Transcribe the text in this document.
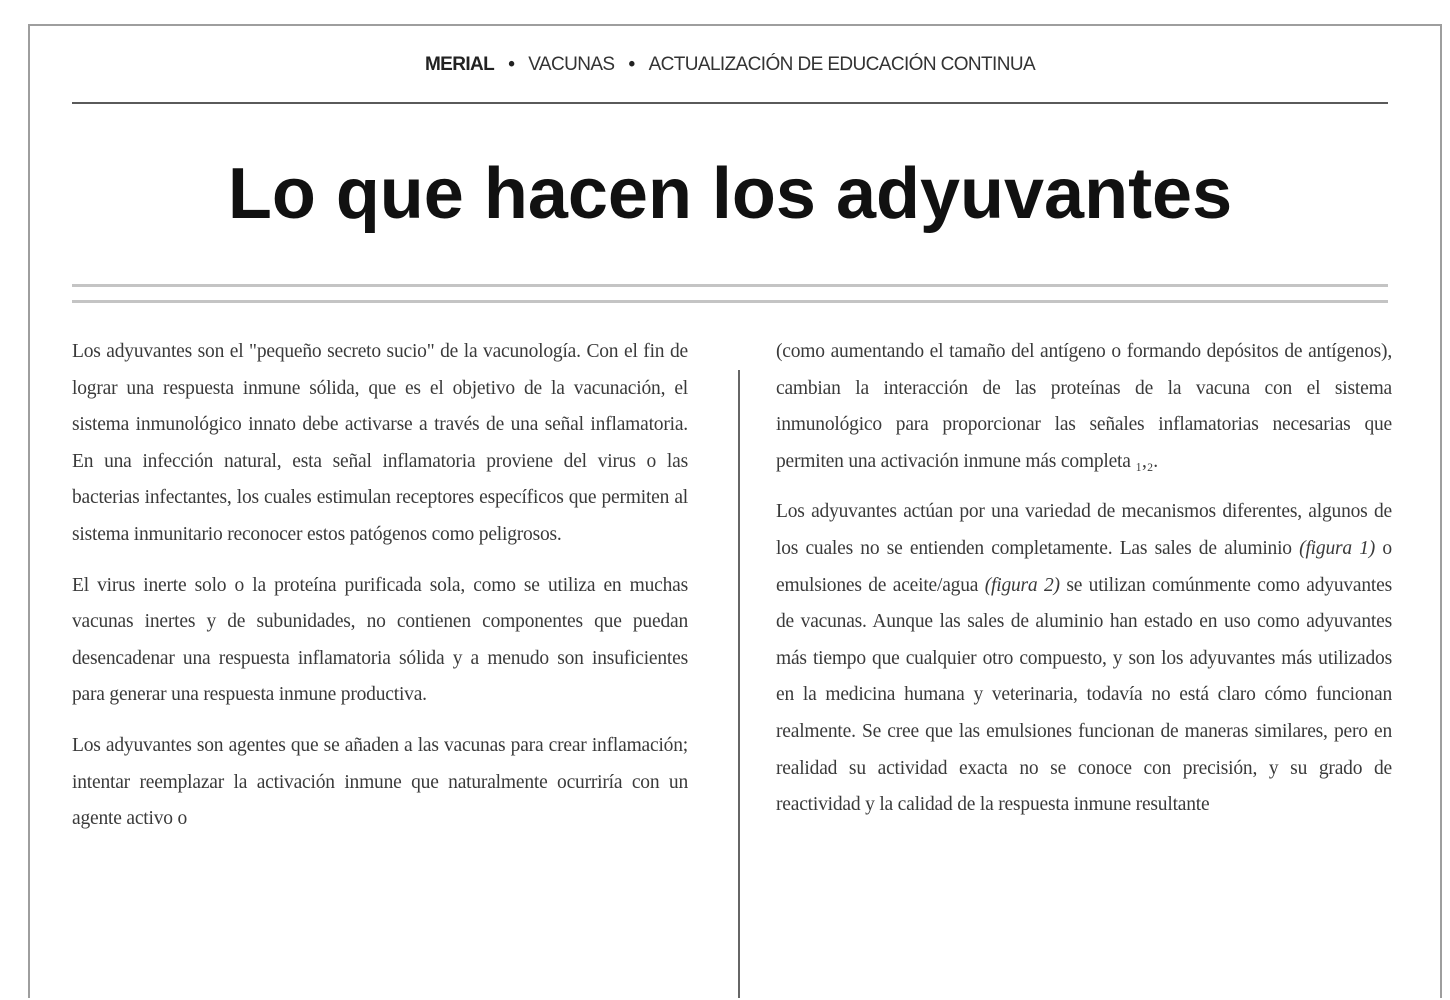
MERIAL • VACUNAS • ACTUALIZACIÓN DE EDUCACIÓN CONTINUA
Lo que hacen los adyuvantes

Los adyuvantes son el "pequeño secreto sucio" de la vacunología. Con el fin de lograr una respuesta inmune sólida, que es el objetivo de la vacunación, el sistema inmunológico innato debe activarse a través de una señal inflamatoria. En una infección natural, esta señal inflamatoria proviene del virus o las bacterias infectantes, los cuales estimulan receptores específicos que permiten al sistema inmunitario reconocer estos patógenos como peligrosos.

El virus inerte solo o la proteína purificada sola, como se utiliza en muchas vacunas inertes y de subunidades, no contienen componentes que puedan desencadenar una respuesta inflamatoria sólida y a menudo son insuficientes para generar una respuesta inmune productiva.

Los adyuvantes son agentes que se añaden a las vacunas para crear inflamación; intentar reemplazar la activación inmune que naturalmente ocurriría con un agente activo o

(como aumentando el tamaño del antígeno o formando depósitos de antígenos), cambian la interacción de las proteínas de la vacuna con el sistema inmunológico para proporcionar las señales inflamatorias necesarias que permiten una activación inmune más completa ₁,₂.

Los adyuvantes actúan por una variedad de mecanismos diferentes, algunos de los cuales no se entienden completamente. Las sales de aluminio (figura 1) o emulsiones de aceite/agua (figura 2) se utilizan comúnmente como adyuvantes de vacunas. Aunque las sales de aluminio han estado en uso como adyuvantes más tiempo que cualquier otro compuesto, y son los adyuvantes más utilizados en la medicina humana y veterinaria, todavía no está claro cómo funcionan realmente. Se cree que las emulsiones funcionan de maneras similares, pero en realidad su actividad exacta no se conoce con precisión, y su grado de reactividad y la calidad de la respuesta inmune resultante
